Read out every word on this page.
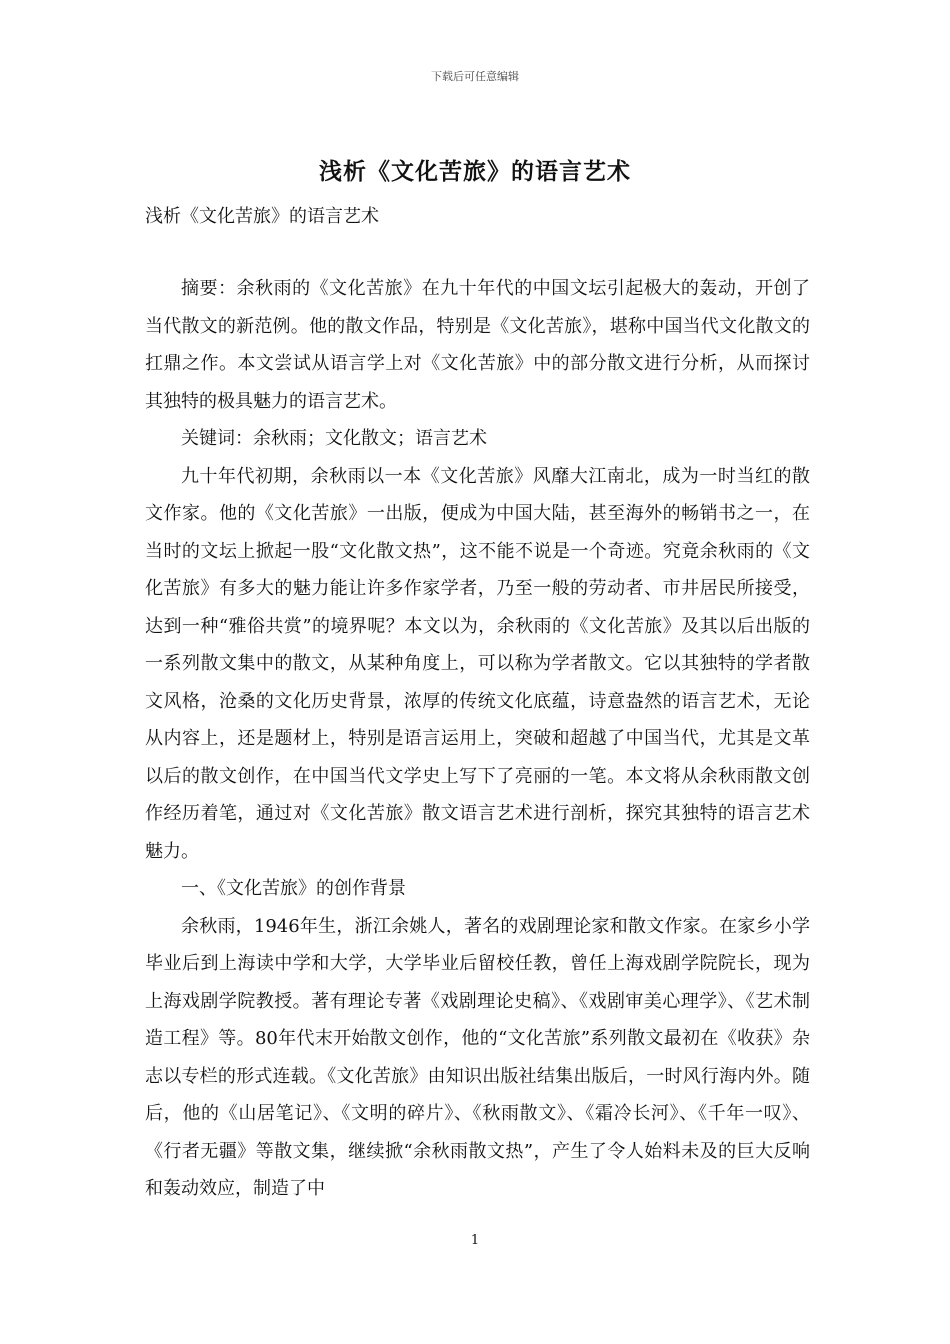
下载后可任意编辑
浅析《文化苦旅》的语言艺术
浅析《文化苦旅》的语言艺术

摘要：余秋雨的《文化苦旅》在九十年代的中国文坛引起极大的轰动，开创了当代散文的新范例。他的散文作品，特别是《文化苦旅》，堪称中国当代文化散文的扛鼎之作。本文尝试从语言学上对《文化苦旅》中的部分散文进行分析，从而探讨其独特的极具魅力的语言艺术。

关键词：余秋雨；文化散文；语言艺术

九十年代初期，余秋雨以一本《文化苦旅》风靡大江南北，成为一时当红的散文作家。他的《文化苦旅》一出版，便成为中国大陆，甚至海外的畅销书之一，在当时的文坛上掀起一股“文化散文热”，这不能不说是一个奇迹。究竟余秋雨的《文化苦旅》有多大的魅力能让许多作家学者，乃至一般的劳动者、市井居民所接受，达到一种“雅俗共赏”的境界呢？本文以为，余秋雨的《文化苦旅》及其以后出版的一系列散文集中的散文，从某种角度上，可以称为学者散文。它以其独特的学者散文风格，沧桑的文化历史背景，浓厚的传统文化底蕴，诗意盎然的语言艺术，无论从内容上，还是题材上，特别是语言运用上，突破和超越了中国当代，尤其是文革以后的散文创作，在中国当代文学史上写下了亮丽的一笔。本文将从余秋雨散文创作经历着笔，通过对《文化苦旅》散文语言艺术进行剖析，探究其独特的语言艺术魅力。

一、《文化苦旅》的创作背景

余秋雨，1946年生，浙江余姚人，著名的戏剧理论家和散文作家。在家乡小学毕业后到上海读中学和大学，大学毕业后留校任教，曾任上海戏剧学院院长，现为上海戏剧学院教授。著有理论专著《戏剧理论史稿》、《戏剧审美心理学》、《艺术制造工程》等。80年代末开始散文创作，他的“文化苦旅”系列散文最初在《收获》杂志以专栏的形式连载。《文化苦旅》由知识出版社结集出版后，一时风行海内外。随后，他的《山居笔记》、《文明的碎片》、《秋雨散文》、《霜冷长河》、《千年一叹》、《行者无疆》等散文集，继续掀“余秋雨散文热”，产生了令人始料未及的巨大反响和轰动效应，制造了中

1
